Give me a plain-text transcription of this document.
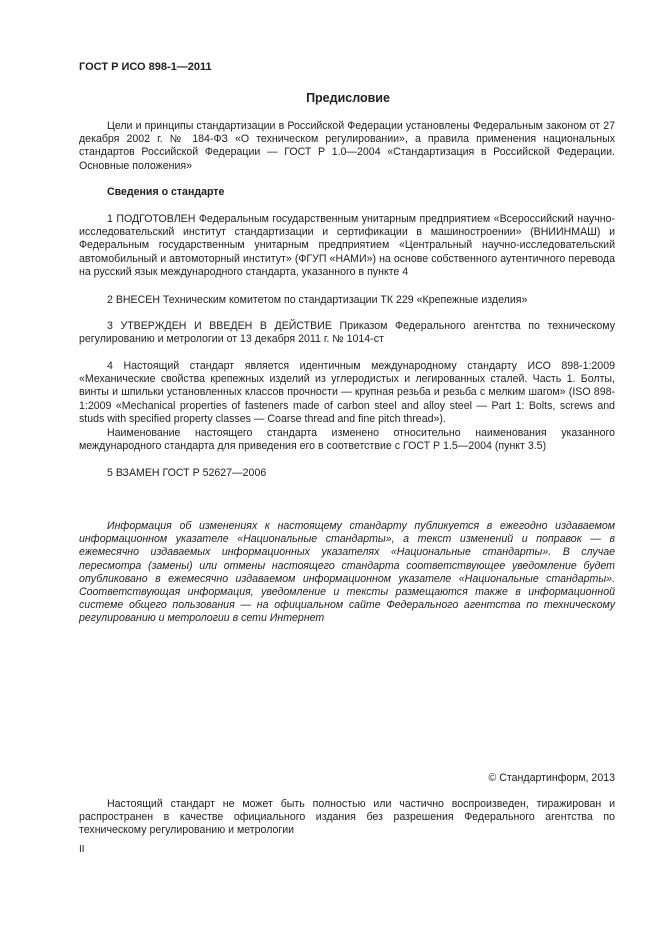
ГОСТ Р ИСО 898-1—2011
Предисловие

Цели и принципы стандартизации в Российской Федерации установлены Федеральным законом от 27 декабря 2002 г. № 184-ФЗ «О техническом регулировании», а правила применения национальных стандартов Российской Федерации — ГОСТ Р 1.0—2004 «Стандартизация в Российской Федерации. Основные положения»

Сведения о стандарте

1 ПОДГОТОВЛЕН Федеральным государственным унитарным предприятием «Всероссийский научно-исследовательский институт стандартизации и сертификации в машиностроении» (ВНИИНМАШ) и Федеральным государственным унитарным предприятием «Центральный научно-исследовательский автомобильный и автомоторный институт» (ФГУП «НАМИ») на основе собственного аутентичного перевода на русский язык международного стандарта, указанного в пункте 4

2 ВНЕСЕН Техническим комитетом по стандартизации ТК 229 «Крепежные изделия»

3 УТВЕРЖДЕН И ВВЕДЕН В ДЕЙСТВИЕ Приказом Федерального агентства по техническому регулированию и метрологии от 13 декабря 2011 г. № 1014-ст

4 Настоящий стандарт является идентичным международному стандарту ИСО 898-1:2009 «Механические свойства крепежных изделий из углеродистых и легированных сталей. Часть 1. Болты, винты и шпильки установленных классов прочности — крупная резьба и резьба с мелким шагом» (ISO 898-1:2009 «Mechanical properties of fasteners made of carbon steel and alloy steel — Part 1: Bolts, screws and studs with specified property classes — Coarse thread and fine pitch thread»).

Наименование настоящего стандарта изменено относительно наименования указанного международного стандарта для приведения его в соответствие с ГОСТ Р 1.5—2004 (пункт 3.5)

5 ВЗАМЕН ГОСТ Р 52627—2006

Информация об изменениях к настоящему стандарту публикуется в ежегодно издаваемом информационном указателе «Национальные стандарты», а текст изменений и поправок — в ежемесячно издаваемых информационных указателях «Национальные стандарты». В случае пересмотра (замены) или отмены настоящего стандарта соответствующее уведомление будет опубликовано в ежемесячно издаваемом информационном указателе «Национальные стандарты». Соответствующая информация, уведомление и тексты размещаются также в информационной системе общего пользования — на официальном сайте Федерального агентства по техническому регулированию и метрологии в сети Интернет

© Стандартинформ, 2013

Настоящий стандарт не может быть полностью или частично воспроизведен, тиражирован и распространен в качестве официального издания без разрешения Федерального агентства по техническому регулированию и метрологии

II
